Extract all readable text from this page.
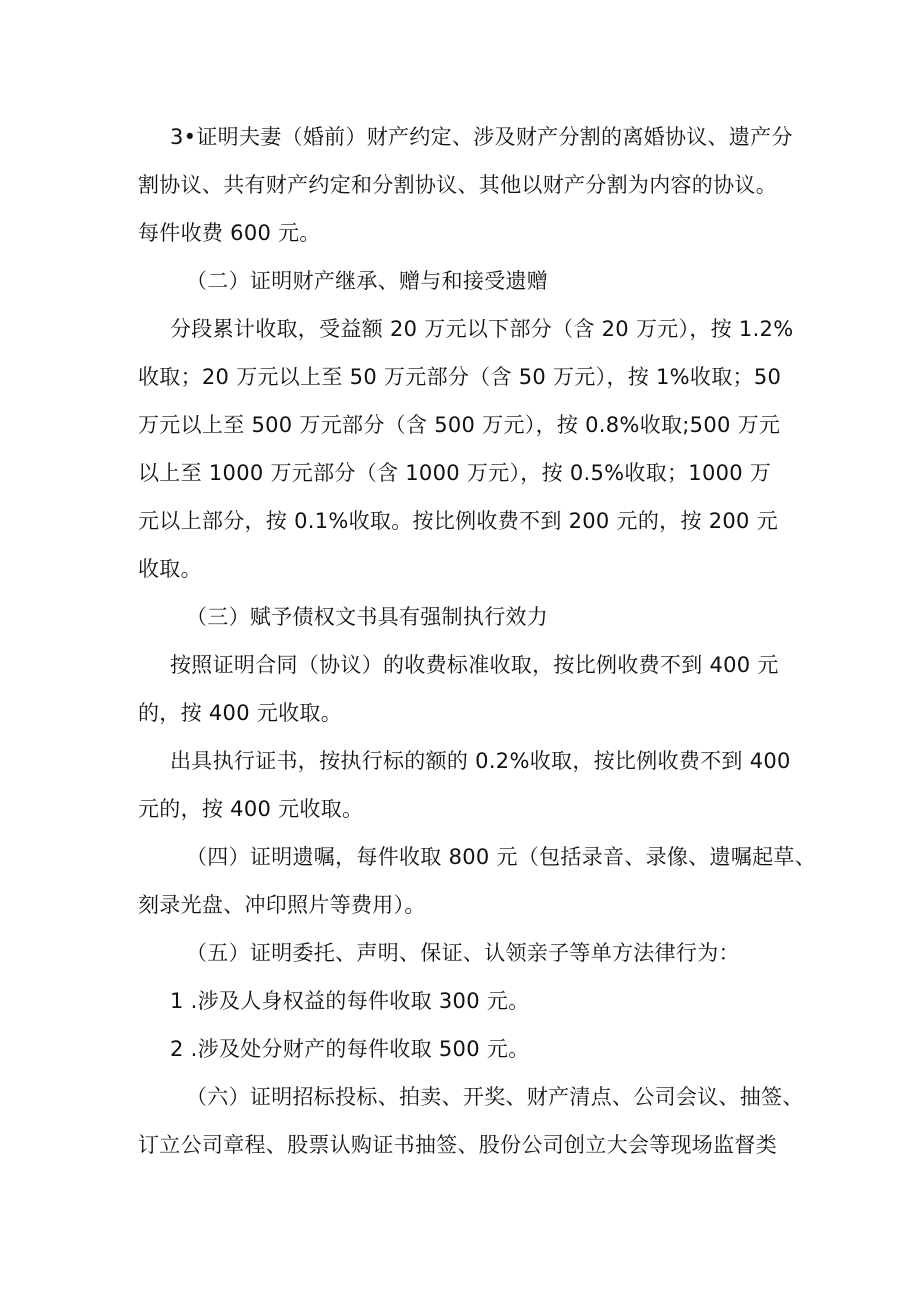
3•证明夫妻（婚前）财产约定、涉及财产分割的离婚协议、遗产分
割协议、共有财产约定和分割协议、其他以财产分割为内容的协议。
每件收费 600 元。
（二）证明财产继承、赠与和接受遗赠
分段累计收取，受益额 20 万元以下部分（含 20 万元），按 1.2%
收取；20 万元以上至 50 万元部分（含 50 万元），按 1%收取；50
万元以上至 500 万元部分（含 500 万元），按 0.8%收取;500 万元
以上至 1000 万元部分（含 1000 万元），按 0.5%收取；1000 万
元以上部分，按 0.1%收取。按比例收费不到 200 元的，按 200 元
收取。
（三）赋予债权文书具有强制执行效力
按照证明合同（协议）的收费标准收取，按比例收费不到 400 元
的，按 400 元收取。
出具执行证书，按执行标的额的 0.2%收取，按比例收费不到 400
元的，按 400 元收取。
（四）证明遗嘱，每件收取 800 元（包括录音、录像、遗嘱起草、
刻录光盘、冲印照片等费用）。
（五）证明委托、声明、保证、认领亲子等单方法律行为：
1 .涉及人身权益的每件收取 300 元。
2 .涉及处分财产的每件收取 500 元。
（六）证明招标投标、拍卖、开奖、财产清点、公司会议、抽签、
订立公司章程、股票认购证书抽签、股份公司创立大会等现场监督类
